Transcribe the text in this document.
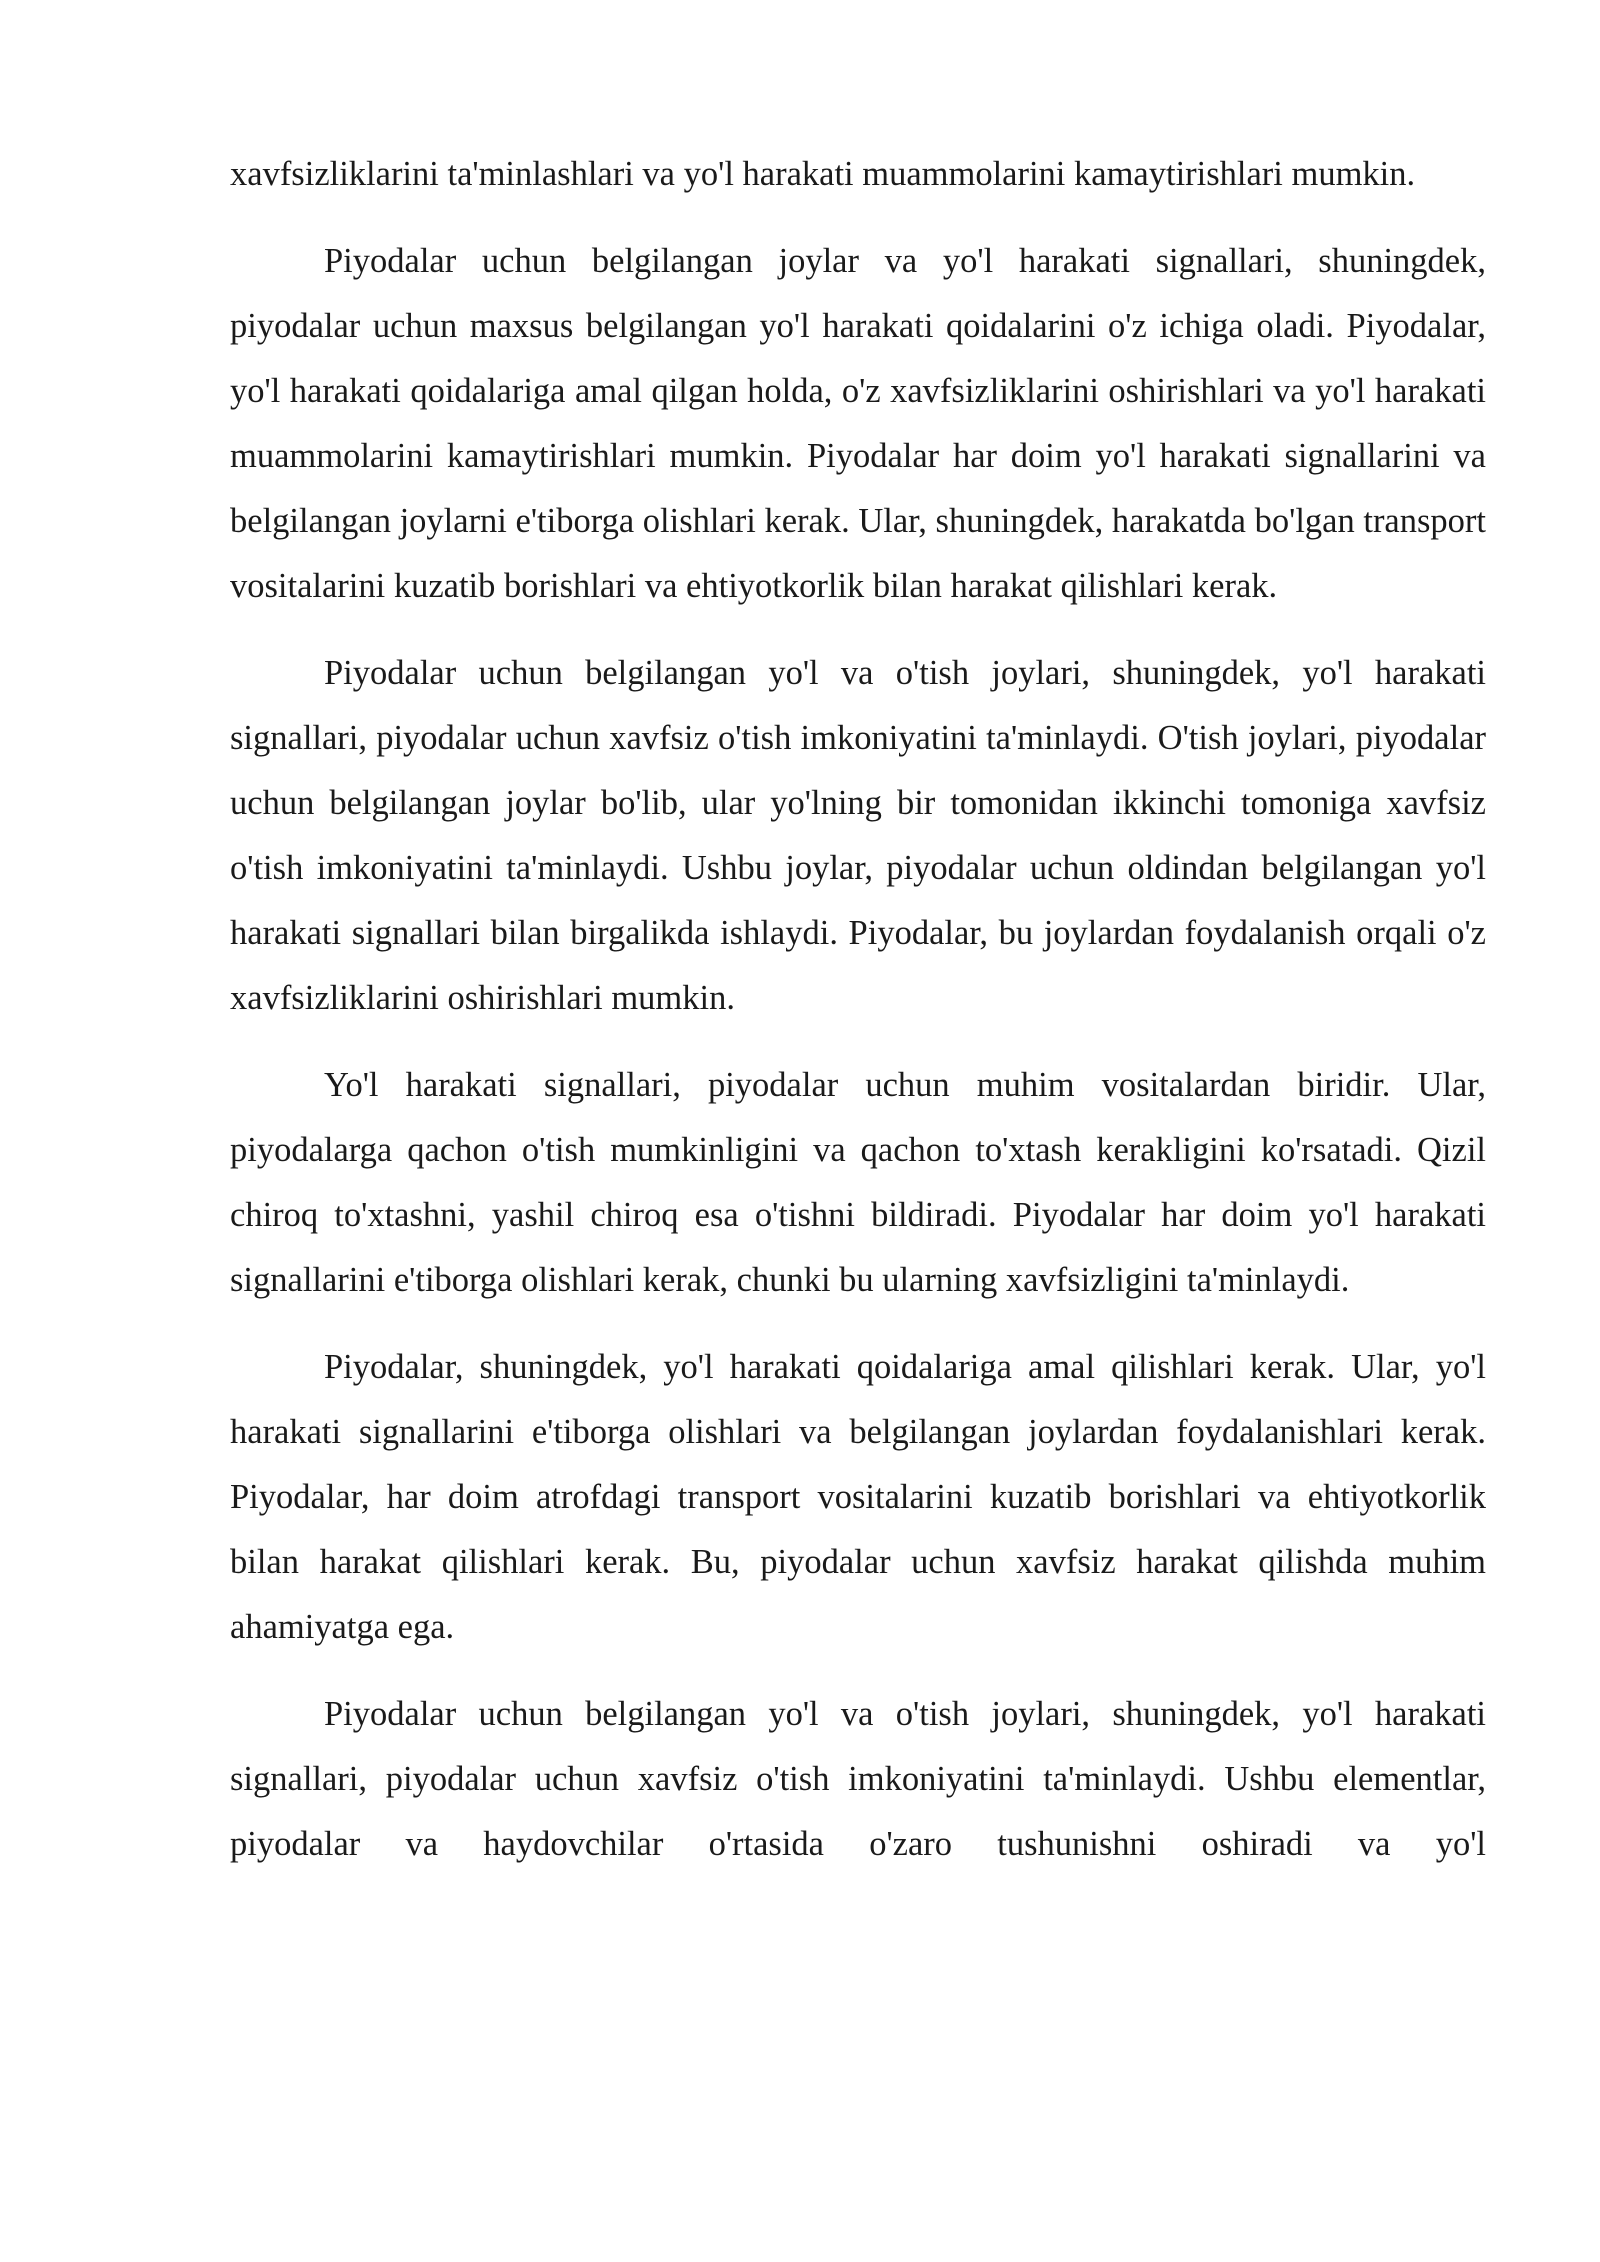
xavfsizliklarini ta'minlashlari va yo'l harakati muammolarini kamaytirishlari mumkin.

Piyodalar uchun belgilangan joylar va yo'l harakati signallari, shuningdek, piyodalar uchun maxsus belgilangan yo'l harakati qoidalarini o'z ichiga oladi. Piyodalar, yo'l harakati qoidalariga amal qilgan holda, o'z xavfsizliklarini oshirishlari va yo'l harakati muammolarini kamaytirishlari mumkin. Piyodalar har doim yo'l harakati signallarini va belgilangan joylarni e'tiborga olishlari kerak. Ular, shuningdek, harakatda bo'lgan transport vositalarini kuzatib borishlari va ehtiyotkorlik bilan harakat qilishlari kerak.

Piyodalar uchun belgilangan yo'l va o'tish joylari, shuningdek, yo'l harakati signallari, piyodalar uchun xavfsiz o'tish imkoniyatini ta'minlaydi. O'tish joylari, piyodalar uchun belgilangan joylar bo'lib, ular yo'lning bir tomonidan ikkinchi tomoniga xavfsiz o'tish imkoniyatini ta'minlaydi. Ushbu joylar, piyodalar uchun oldindan belgilangan yo'l harakati signallari bilan birgalikda ishlaydi. Piyodalar, bu joylardan foydalanish orqali o'z xavfsizliklarini oshirishlari mumkin.

Yo'l harakati signallari, piyodalar uchun muhim vositalardan biridir. Ular, piyodalarga qachon o'tish mumkinligini va qachon to'xtash kerakligini ko'rsatadi. Qizil chiroq to'xtashni, yashil chiroq esa o'tishni bildiradi. Piyodalar har doim yo'l harakati signallarini e'tiborga olishlari kerak, chunki bu ularning xavfsizligini ta'minlaydi.

Piyodalar, shuningdek, yo'l harakati qoidalariga amal qilishlari kerak. Ular, yo'l harakati signallarini e'tiborga olishlari va belgilangan joylardan foydalanishlari kerak. Piyodalar, har doim atrofdagi transport vositalarini kuzatib borishlari va ehtiyotkorlik bilan harakat qilishlari kerak. Bu, piyodalar uchun xavfsiz harakat qilishda muhim ahamiyatga ega.

Piyodalar uchun belgilangan yo'l va o'tish joylari, shuningdek, yo'l harakati signallari, piyodalar uchun xavfsiz o'tish imkoniyatini ta'minlaydi. Ushbu elementlar, piyodalar va haydovchilar o'rtasida o'zaro tushunishni oshiradi va yo'l
